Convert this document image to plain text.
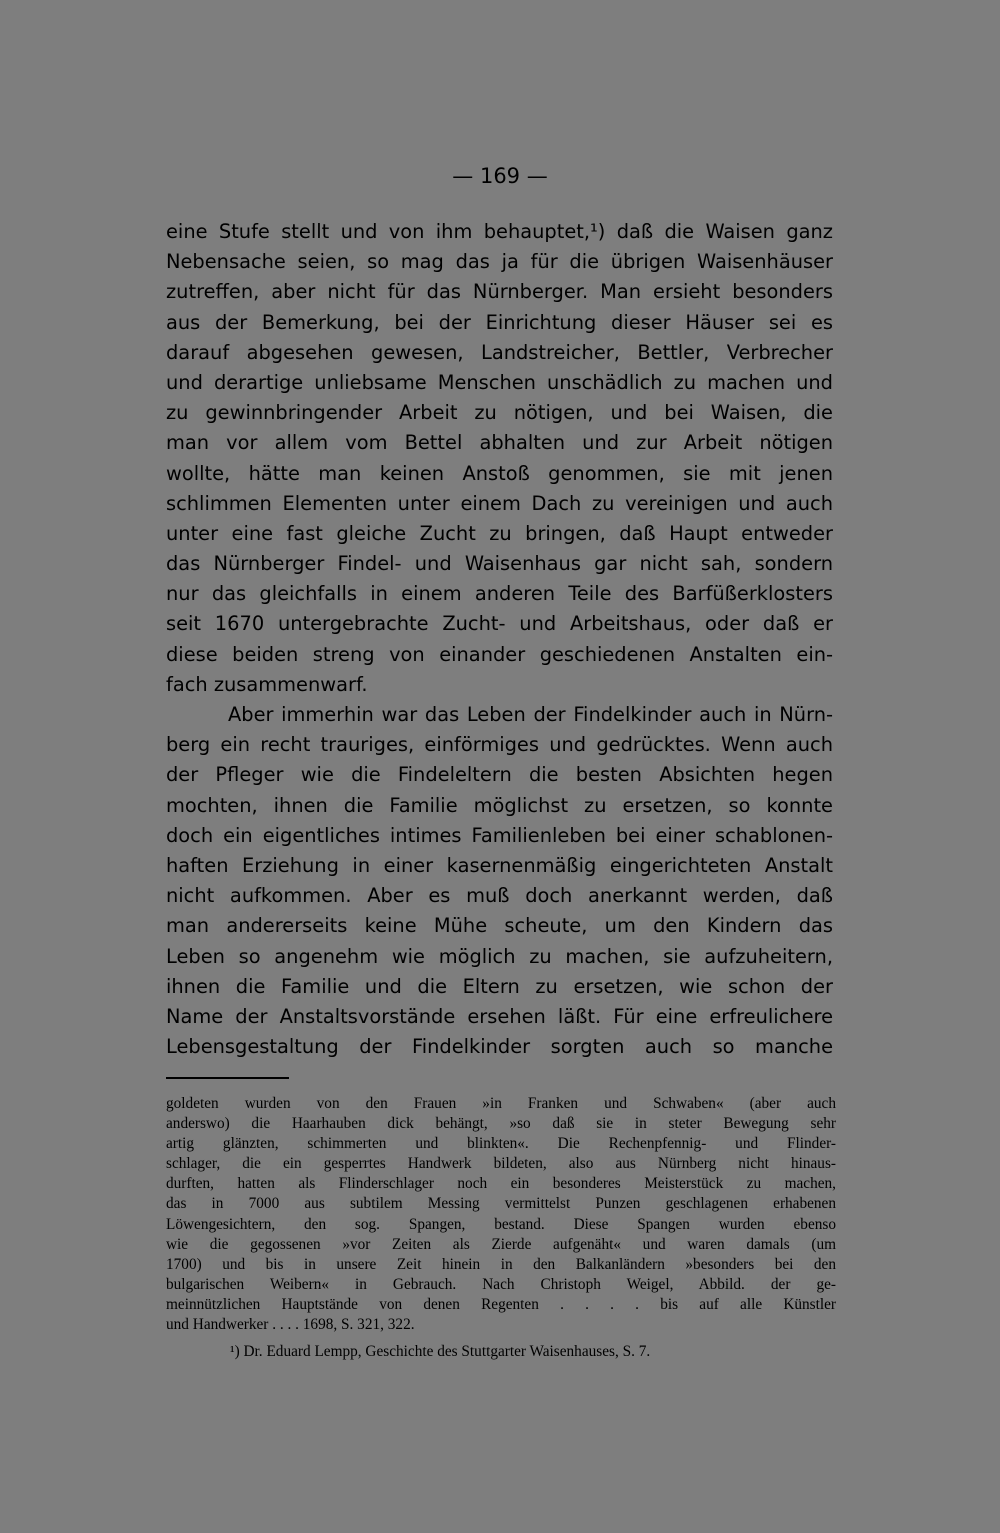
— 169 —
eine Stufe stellt und von ihm behauptet,¹) daß die Waisen ganz
Nebensache seien, so mag das ja für die übrigen Waisenhäuser
zutreffen, aber nicht für das Nürnberger. Man ersieht besonders
aus der Bemerkung, bei der Einrichtung dieser Häuser sei es
darauf abgesehen gewesen, Landstreicher, Bettler, Verbrecher
und derartige unliebsame Menschen unschädlich zu machen und
zu gewinnbringender Arbeit zu nötigen, und bei Waisen, die
man vor allem vom Bettel abhalten und zur Arbeit nötigen
wollte, hätte man keinen Anstoß genommen, sie mit jenen
schlimmen Elementen unter einem Dach zu vereinigen und auch
unter eine fast gleiche Zucht zu bringen, daß Haupt entweder
das Nürnberger Findel- und Waisenhaus gar nicht sah, sondern
nur das gleichfalls in einem anderen Teile des Barfüßerklosters
seit 1670 untergebrachte Zucht- und Arbeitshaus, oder daß er
diese beiden streng von einander geschiedenen Anstalten ein-
fach zusammenwarf.
Aber immerhin war das Leben der Findelkinder auch in Nürn-
berg ein recht trauriges, einförmiges und gedrücktes. Wenn auch
der Pfleger wie die Findeleltern die besten Absichten hegen
mochten, ihnen die Familie möglichst zu ersetzen, so konnte
doch ein eigentliches intimes Familienleben bei einer schablonen-
haften Erziehung in einer kasernenmäßig eingerichteten Anstalt
nicht aufkommen. Aber es muß doch anerkannt werden, daß
man andererseits keine Mühe scheute, um den Kindern das
Leben so angenehm wie möglich zu machen, sie aufzuheitern,
ihnen die Familie und die Eltern zu ersetzen, wie schon der
Name der Anstaltsvorstände ersehen läßt. Für eine erfreulichere
Lebensgestaltung der Findelkinder sorgten auch so manche
goldeten wurden von den Frauen »in Franken und Schwaben« (aber auch
anderswo) die Haarhauben dick behängt, »so daß sie in steter Bewegung sehr
artig glänzten, schimmerten und blinkten«. Die Rechenpfennig- und Flinder-
schlager, die ein gesperrtes Handwerk bildeten, also aus Nürnberg nicht hinaus-
durften, hatten als Flinderschlager noch ein besonderes Meisterstück zu machen,
das in 7000 aus subtilem Messing vermittelst Punzen geschlagenen erhabenen
Löwengesichtern, den sog. Spangen, bestand. Diese Spangen wurden ebenso
wie die gegossenen »vor Zeiten als Zierde aufgenäht« und waren damals (um
1700) und bis in unsere Zeit hinein in den Balkanländern »besonders bei den
bulgarischen Weibern« in Gebrauch. Nach Christoph Weigel, Abbild. der ge-
meinnützlichen Hauptstände von denen Regenten . . . . bis auf alle Künstler
und Handwerker . . . . 1698, S. 321, 322.
¹) Dr. Eduard Lempp, Geschichte des Stuttgarter Waisenhauses, S. 7.
